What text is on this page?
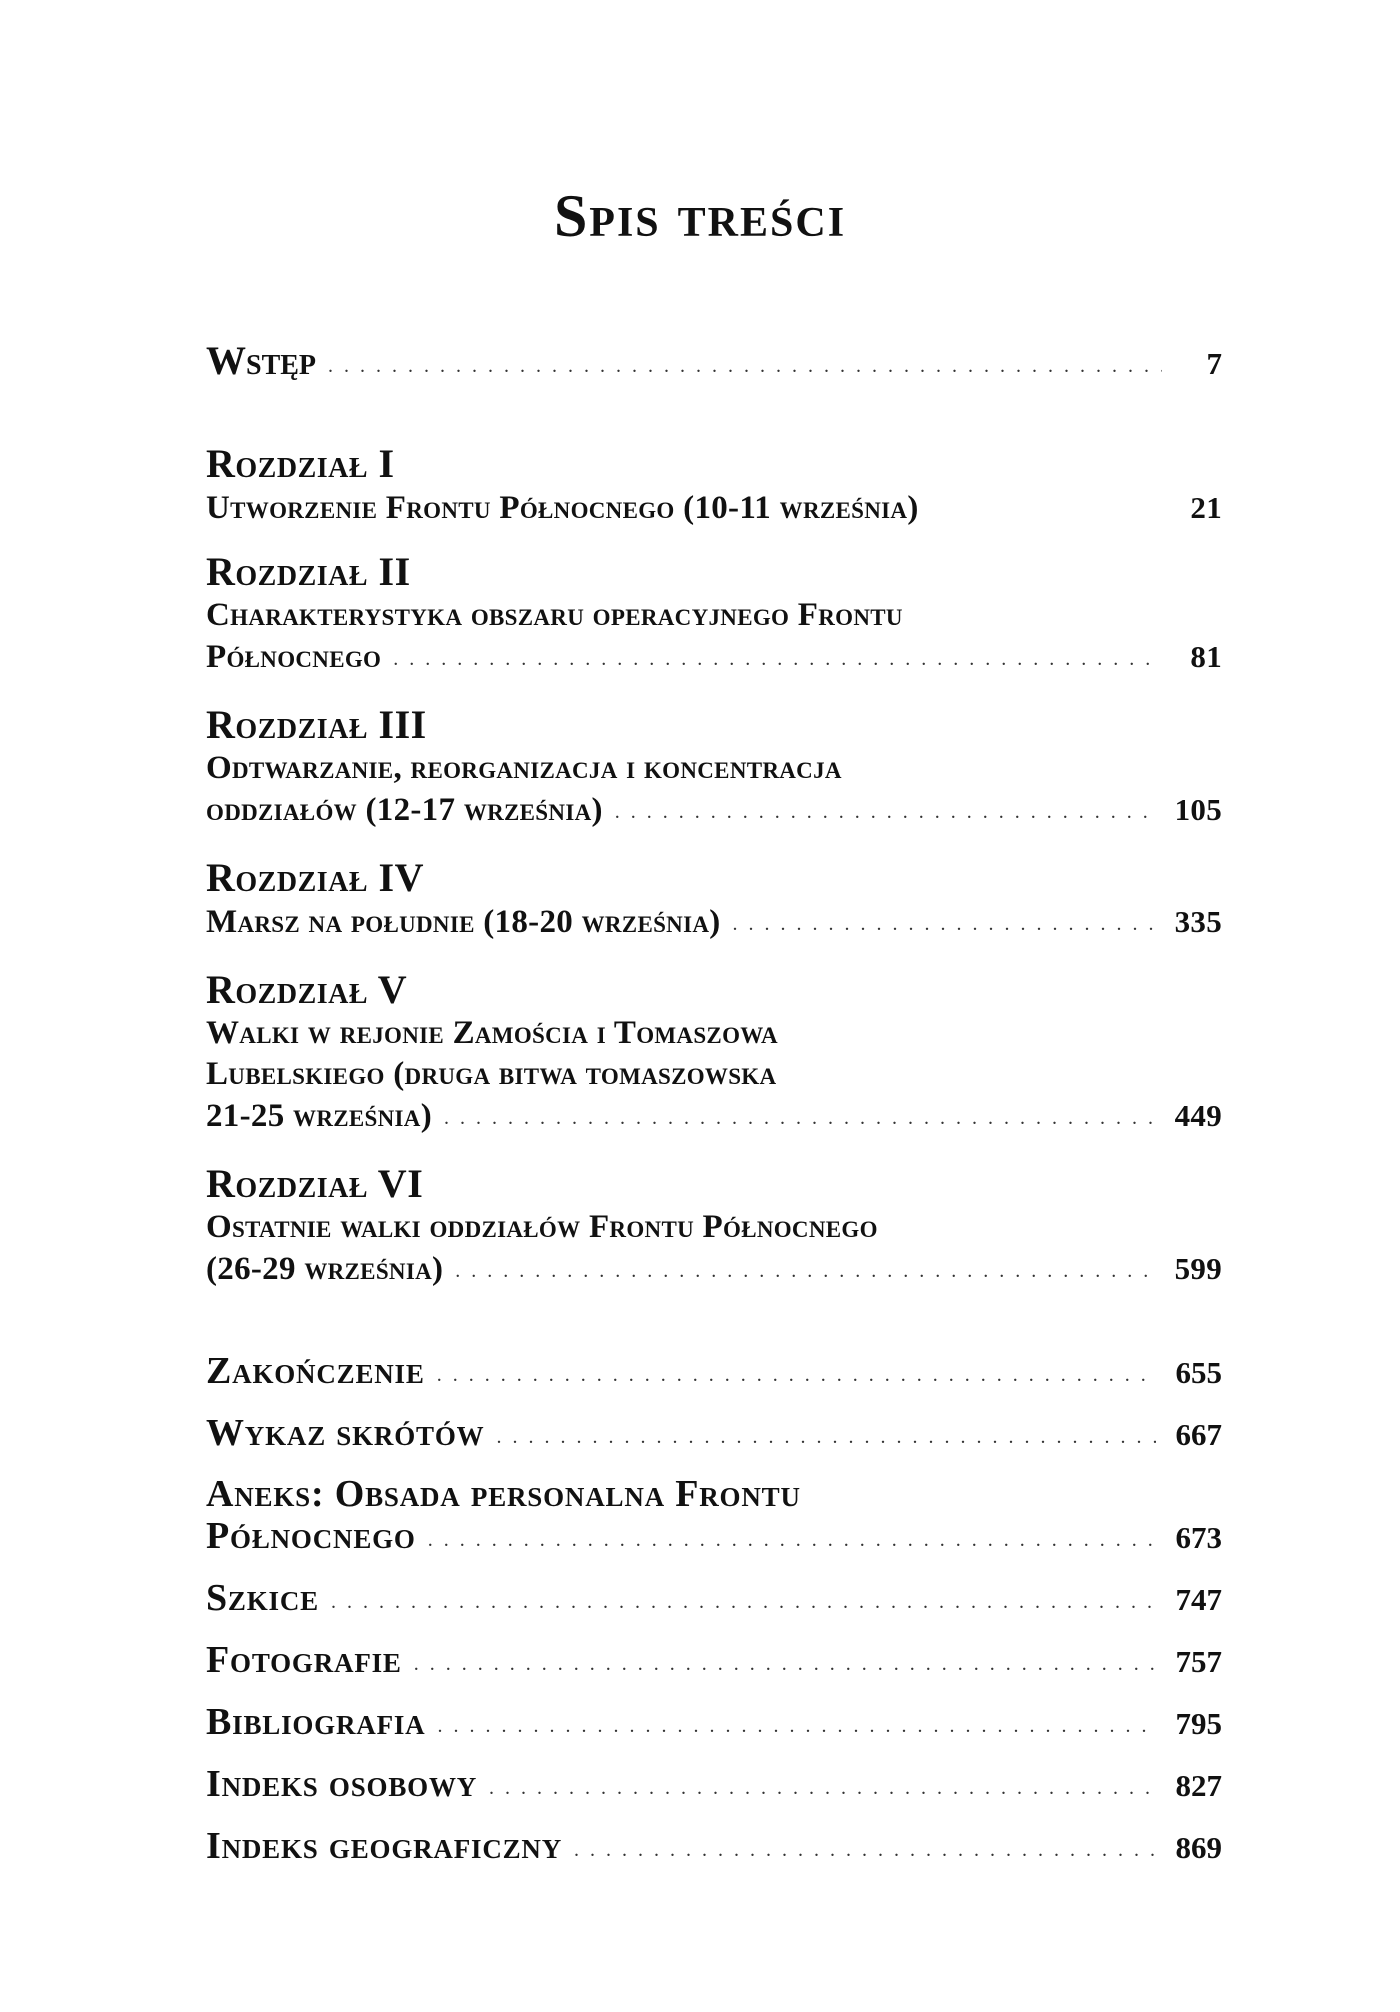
Spis treści
Wstęp . . .	7
Rozdział I
Utworzenie Frontu Północnego (10-11 września)	21
Rozdział II
Charakterystyka obszaru operacyjnego Frontu
Północnego . . .	81
Rozdział III
Odtwarzanie, reorganizacja i koncentracja
oddziałów (12-17 września) . . .	105
Rozdział IV
Marsz na południe (18-20 września) . . .	335
Rozdział V
Walki w rejonie Zamościa i Tomaszowa
Lubelskiego (druga bitwa tomaszowska
21-25 września) . . .	449
Rozdział VI
Ostatnie walki oddziałów Frontu Północnego
(26-29 września) . . .	599
Zakończenie . . .	655
Wykaz skrótów . . .	667
Aneks: Obsada personalna Frontu
Północnego . . .	673
Szkice . . .	747
Fotografie . . .	757
Bibliografia . . .	795
Indeks osobowy . . .	827
Indeks geograficzny . . .	869
